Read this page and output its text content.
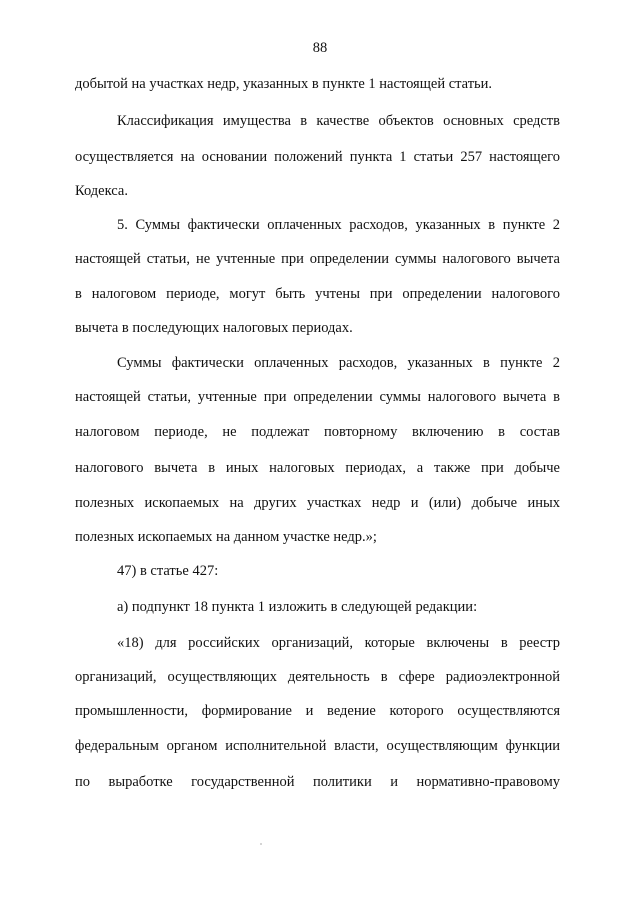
88
добытой на участках недр, указанных в пункте 1 настоящей статьи.
Классификация имущества в качестве объектов основных средств
осуществляется на основании положений пункта 1 статьи 257 настоящего
Кодекса.
5. Суммы фактически оплаченных расходов, указанных в пункте 2
настоящей статьи, не учтенные при определении суммы налогового вычета
в налоговом периоде, могут быть учтены при определении налогового
вычета в последующих налоговых периодах.
Суммы фактически оплаченных расходов, указанных в пункте 2
настоящей статьи, учтенные при определении суммы налогового вычета в
налоговом периоде, не подлежат повторному включению в состав
налогового вычета в иных налоговых периодах, а также при добыче
полезных ископаемых на других участках недр и (или) добыче иных
полезных ископаемых на данном участке недр.»;
47) в статье 427:
а) подпункт 18 пункта 1 изложить в следующей редакции:
«18) для российских организаций, которые включены в реестр
организаций, осуществляющих деятельность в сфере радиоэлектронной
промышленности, формирование и ведение которого осуществляются
федеральным органом исполнительной власти, осуществляющим функции
по выработке государственной политики и нормативно-правовому
